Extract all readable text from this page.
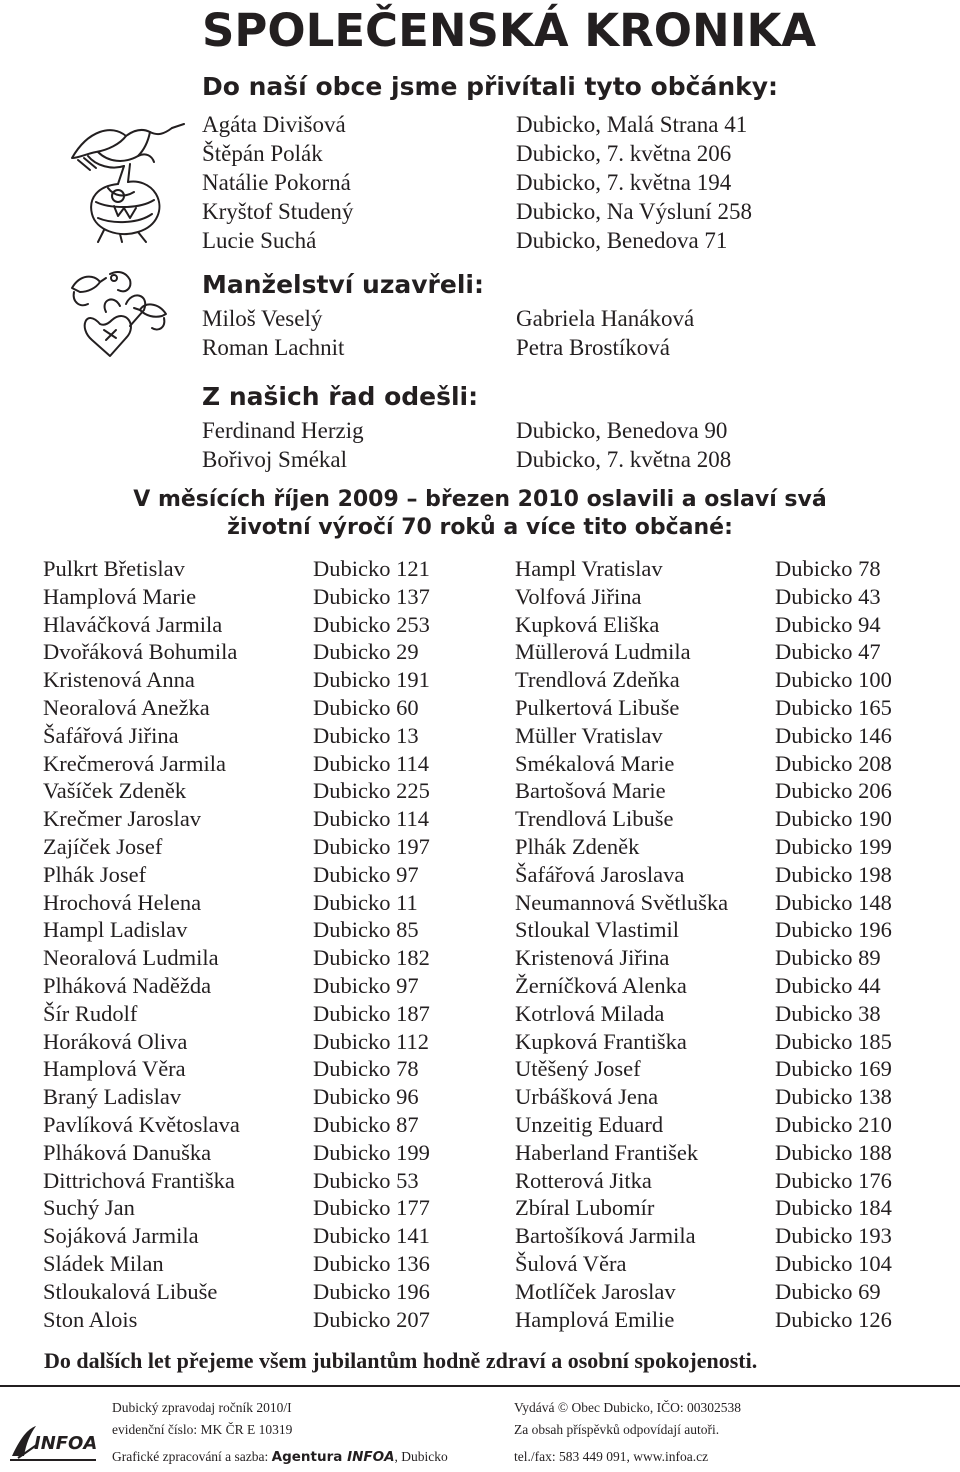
SPOLEČENSKÁ KRONIKA
Do naší obce jsme přivítali tyto občánky:
Agáta Divišová	Dubicko, Malá Strana 41
Štěpán Polák	Dubicko, 7. května 206
Natálie Pokorná	Dubicko, 7. května 194
Kryštof Studený	Dubicko, Na Výsluní 258
Lucie Suchá	Dubicko, Benedova 71
Manželství uzavřeli:
Miloš Veselý	Gabriela Hanáková
Roman Lachnit	Petra Brostíková
Z našich řad odešli:
Ferdinand Herzig	Dubicko, Benedova 90
Bořivoj Smékal	Dubicko, 7. května 208
V měsících říjen 2009 – březen 2010 oslavili a oslaví svá
životní výročí 70 roků a více tito občané:
Pulkrt Břetislav	Dubicko 121
Hamplová Marie	Dubicko 137
Hlaváčková Jarmila	Dubicko 253
Dvořáková Bohumila	Dubicko 29
Kristenová Anna	Dubicko 191
Neoralová Anežka	Dubicko 60
Šafářová Jiřina	Dubicko 13
Krečmerová Jarmila	Dubicko 114
Vašíček Zdeněk	Dubicko 225
Krečmer Jaroslav	Dubicko 114
Zajíček Josef	Dubicko 197
Plhák Josef	Dubicko 97
Hrochová Helena	Dubicko 11
Hampl Ladislav	Dubicko 85
Neoralová Ludmila	Dubicko 182
Plháková Naděžda	Dubicko 97
Šír Rudolf	Dubicko 187
Horáková Oliva	Dubicko 112
Hamplová Věra	Dubicko 78
Braný Ladislav	Dubicko 96
Pavlíková Květoslava	Dubicko 87
Plháková Danuška	Dubicko 199
Dittrichová Františka	Dubicko 53
Suchý Jan	Dubicko 177
Sojáková Jarmila	Dubicko 141
Sládek Milan	Dubicko 136
Stloukalová Libuše	Dubicko 196
Ston Alois	Dubicko 207
Hampl Vratislav	Dubicko 78
Volfová Jiřina	Dubicko 43
Kupková Eliška	Dubicko 94
Müllerová Ludmila	Dubicko 47
Trendlová Zdeňka	Dubicko 100
Pulkertová Libuše	Dubicko 165
Müller Vratislav	Dubicko 146
Smékalová Marie	Dubicko 208
Bartošová Marie	Dubicko 206
Trendlová Libuše	Dubicko 190
Plhák Zdeněk	Dubicko 199
Šafářová Jaroslava	Dubicko 198
Neumannová Světluška Dubicko 148
Stloukal Vlastimil	Dubicko 196
Kristenová Jiřina	Dubicko 89
Žerníčková Alenka	Dubicko 44
Kotrlová Milada	Dubicko 38
Kupková Františka	Dubicko 185
Utěšený Josef	Dubicko 169
Urbášková Jena	Dubicko 138
Unzeitig Eduard	Dubicko 210
Haberland František	Dubicko 188
Rotterová Jitka	Dubicko 176
Zbíral Lubomír	Dubicko 184
Bartošíková Jarmila	Dubicko 193
Šulová Věra	Dubicko 104
Motlíček Jaroslav	Dubicko 69
Hamplová Emilie	Dubicko 126
Do dalších let přejeme všem jubilantům hodně zdraví a osobní spokojenosti.
INFOA
Dubický zpravodaj ročník 2010/I
evidenční číslo: MK ČR E 10319
Grafické zpracování a sazba: Agentura INFOA, Dubicko
Vydává © Obec Dubicko, IČO: 00302538
Za obsah příspěvků odpovídají autoři.
tel./fax: 583 449 091, www.infoa.cz
